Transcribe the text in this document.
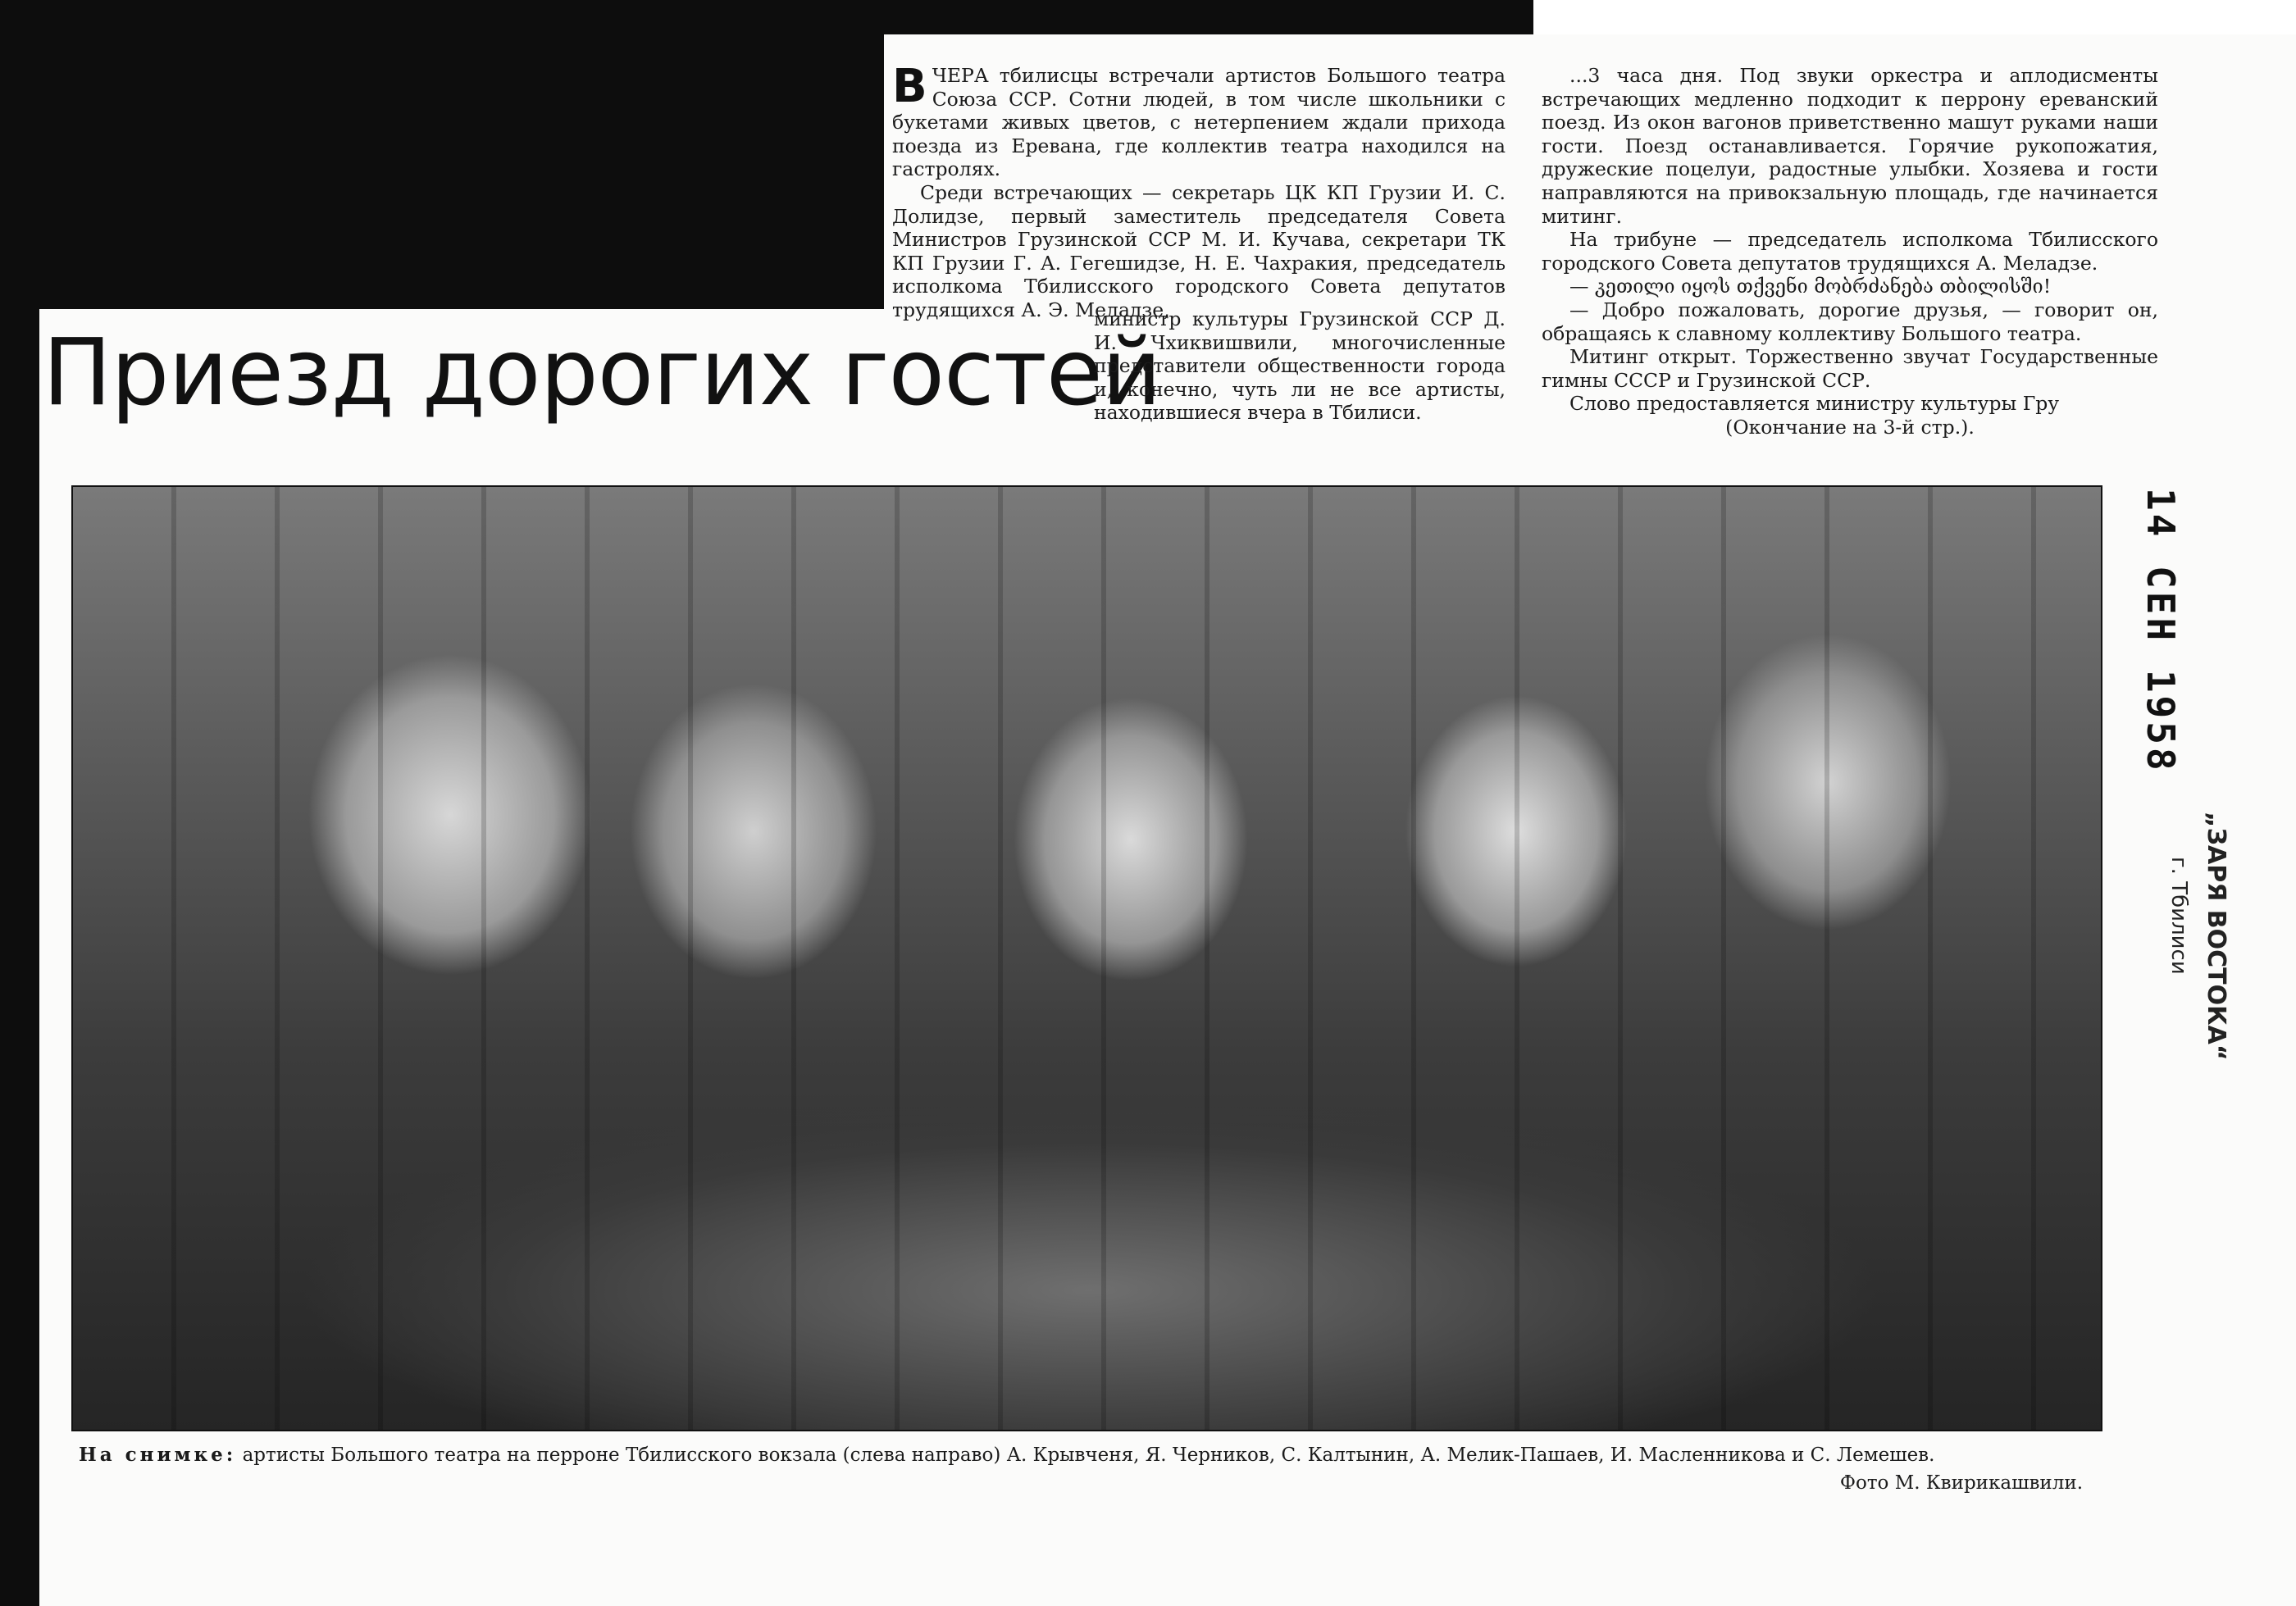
Приезд дорогих гостей

ВЧЕРА тбилисцы встречали артистов Большого театра Союза ССР. Сотни людей, в том числе школьники с букетами живых цветов, с нетерпением ждали прихода поезда из Еревана, где коллектив театра находился на гастролях.

Среди встречающих — секретарь ЦК КП Грузии И. С. Долидзе, первый заместитель председателя Совета Министров Грузинской ССР М. И. Кучава, секретари ТК КП Грузии Г. А. Гегешидзе, Н. Е. Чахракия, председатель исполкома Тбилисского городского Совета депутатов трудящихся А. Э. Меладзе,

министр культуры Грузинской ССР Д. И. Чхиквишвили, многочисленные представители общественности города и, конечно, чуть ли не все артисты, находившиеся вчера в Тбилиси.

...3 часа дня. Под звуки оркестра и аплодисменты встречающих медленно подходит к перрону ереванский поезд. Из окон вагонов приветственно машут руками наши гости. Поезд останавливается. Горячие рукопожатия, дружеские поцелуи, радостные улыбки. Хозяева и гости направляются на привокзальную площадь, где начинается митинг.

На трибуне — председатель исполкома Тбилисского городского Совета депутатов трудящихся А. Меладзе.

— კეთილი იყოს თქვენი მობრძანება თბილისში!

— Добро пожаловать, дорогие друзья, — говорит он, обращаясь к славному коллективу Большого театра.

Митинг открыт. Торжественно звучат Государственные гимны СССР и Грузинской ССР.

Слово предоставляется министру культуры Гру

(Окончание на 3-й стр.).

14 СЕН 1958
г. Тбилиси „ЗАРЯ ВОСТОКА“
На снимке: артисты Большого театра на перроне Тбилисского вокзала (слева направо) А. Крывченя, Я. Черников, С. Калтынин, А. Мелик-Пашаев, И. Масленникова и С. Лемешев.
Фото М. Квирикашвили.
